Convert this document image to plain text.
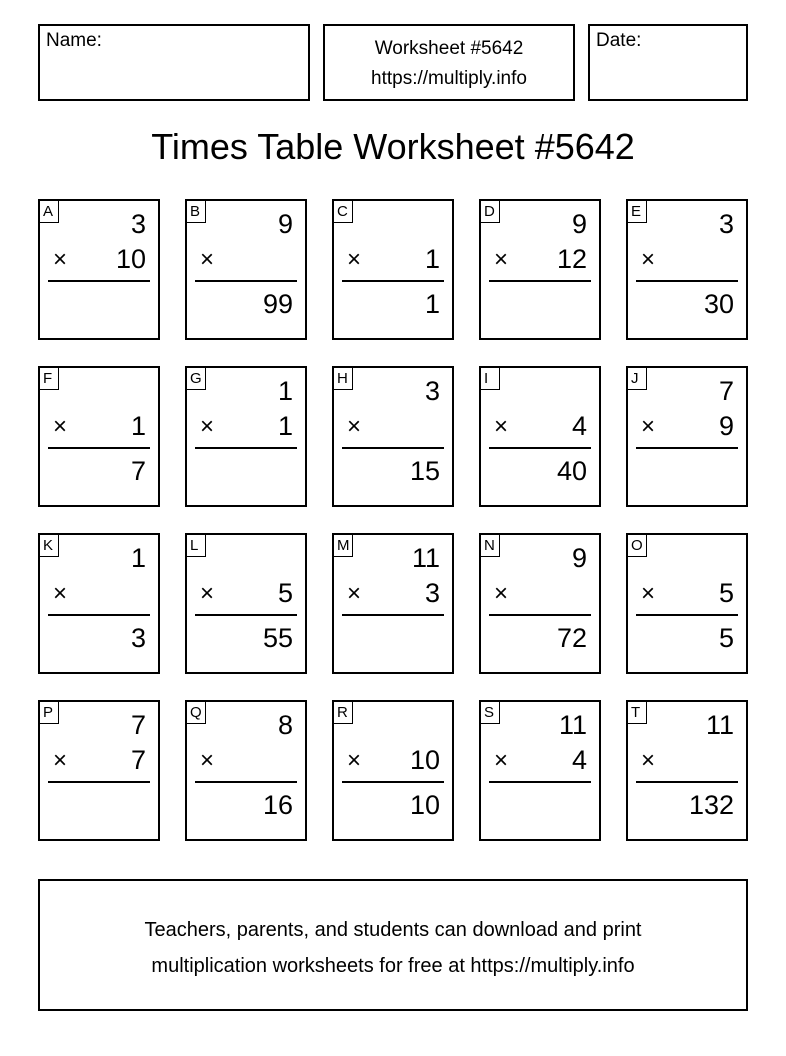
Name:	Worksheet #5642
https://multiply.info
Date:
Times Table Worksheet #5642
A	3
× 10
B	9
×
99
C
× 1
1
D	9
× 12
E	3
×
30
F
× 1
7
G	1
× 1
H	3
×
15
I
× 4
40
J	7
× 9
K	1
×
3
L
× 5
55
M 11
× 3
N	9
×
72
O
× 5
5
P	7
× 7
Q	8
×
16
R
× 10
10
S 11
× 4
T 11
×
132
Teachers, parents, and students can download and print
multiplication worksheets for free at https://multiply.info
